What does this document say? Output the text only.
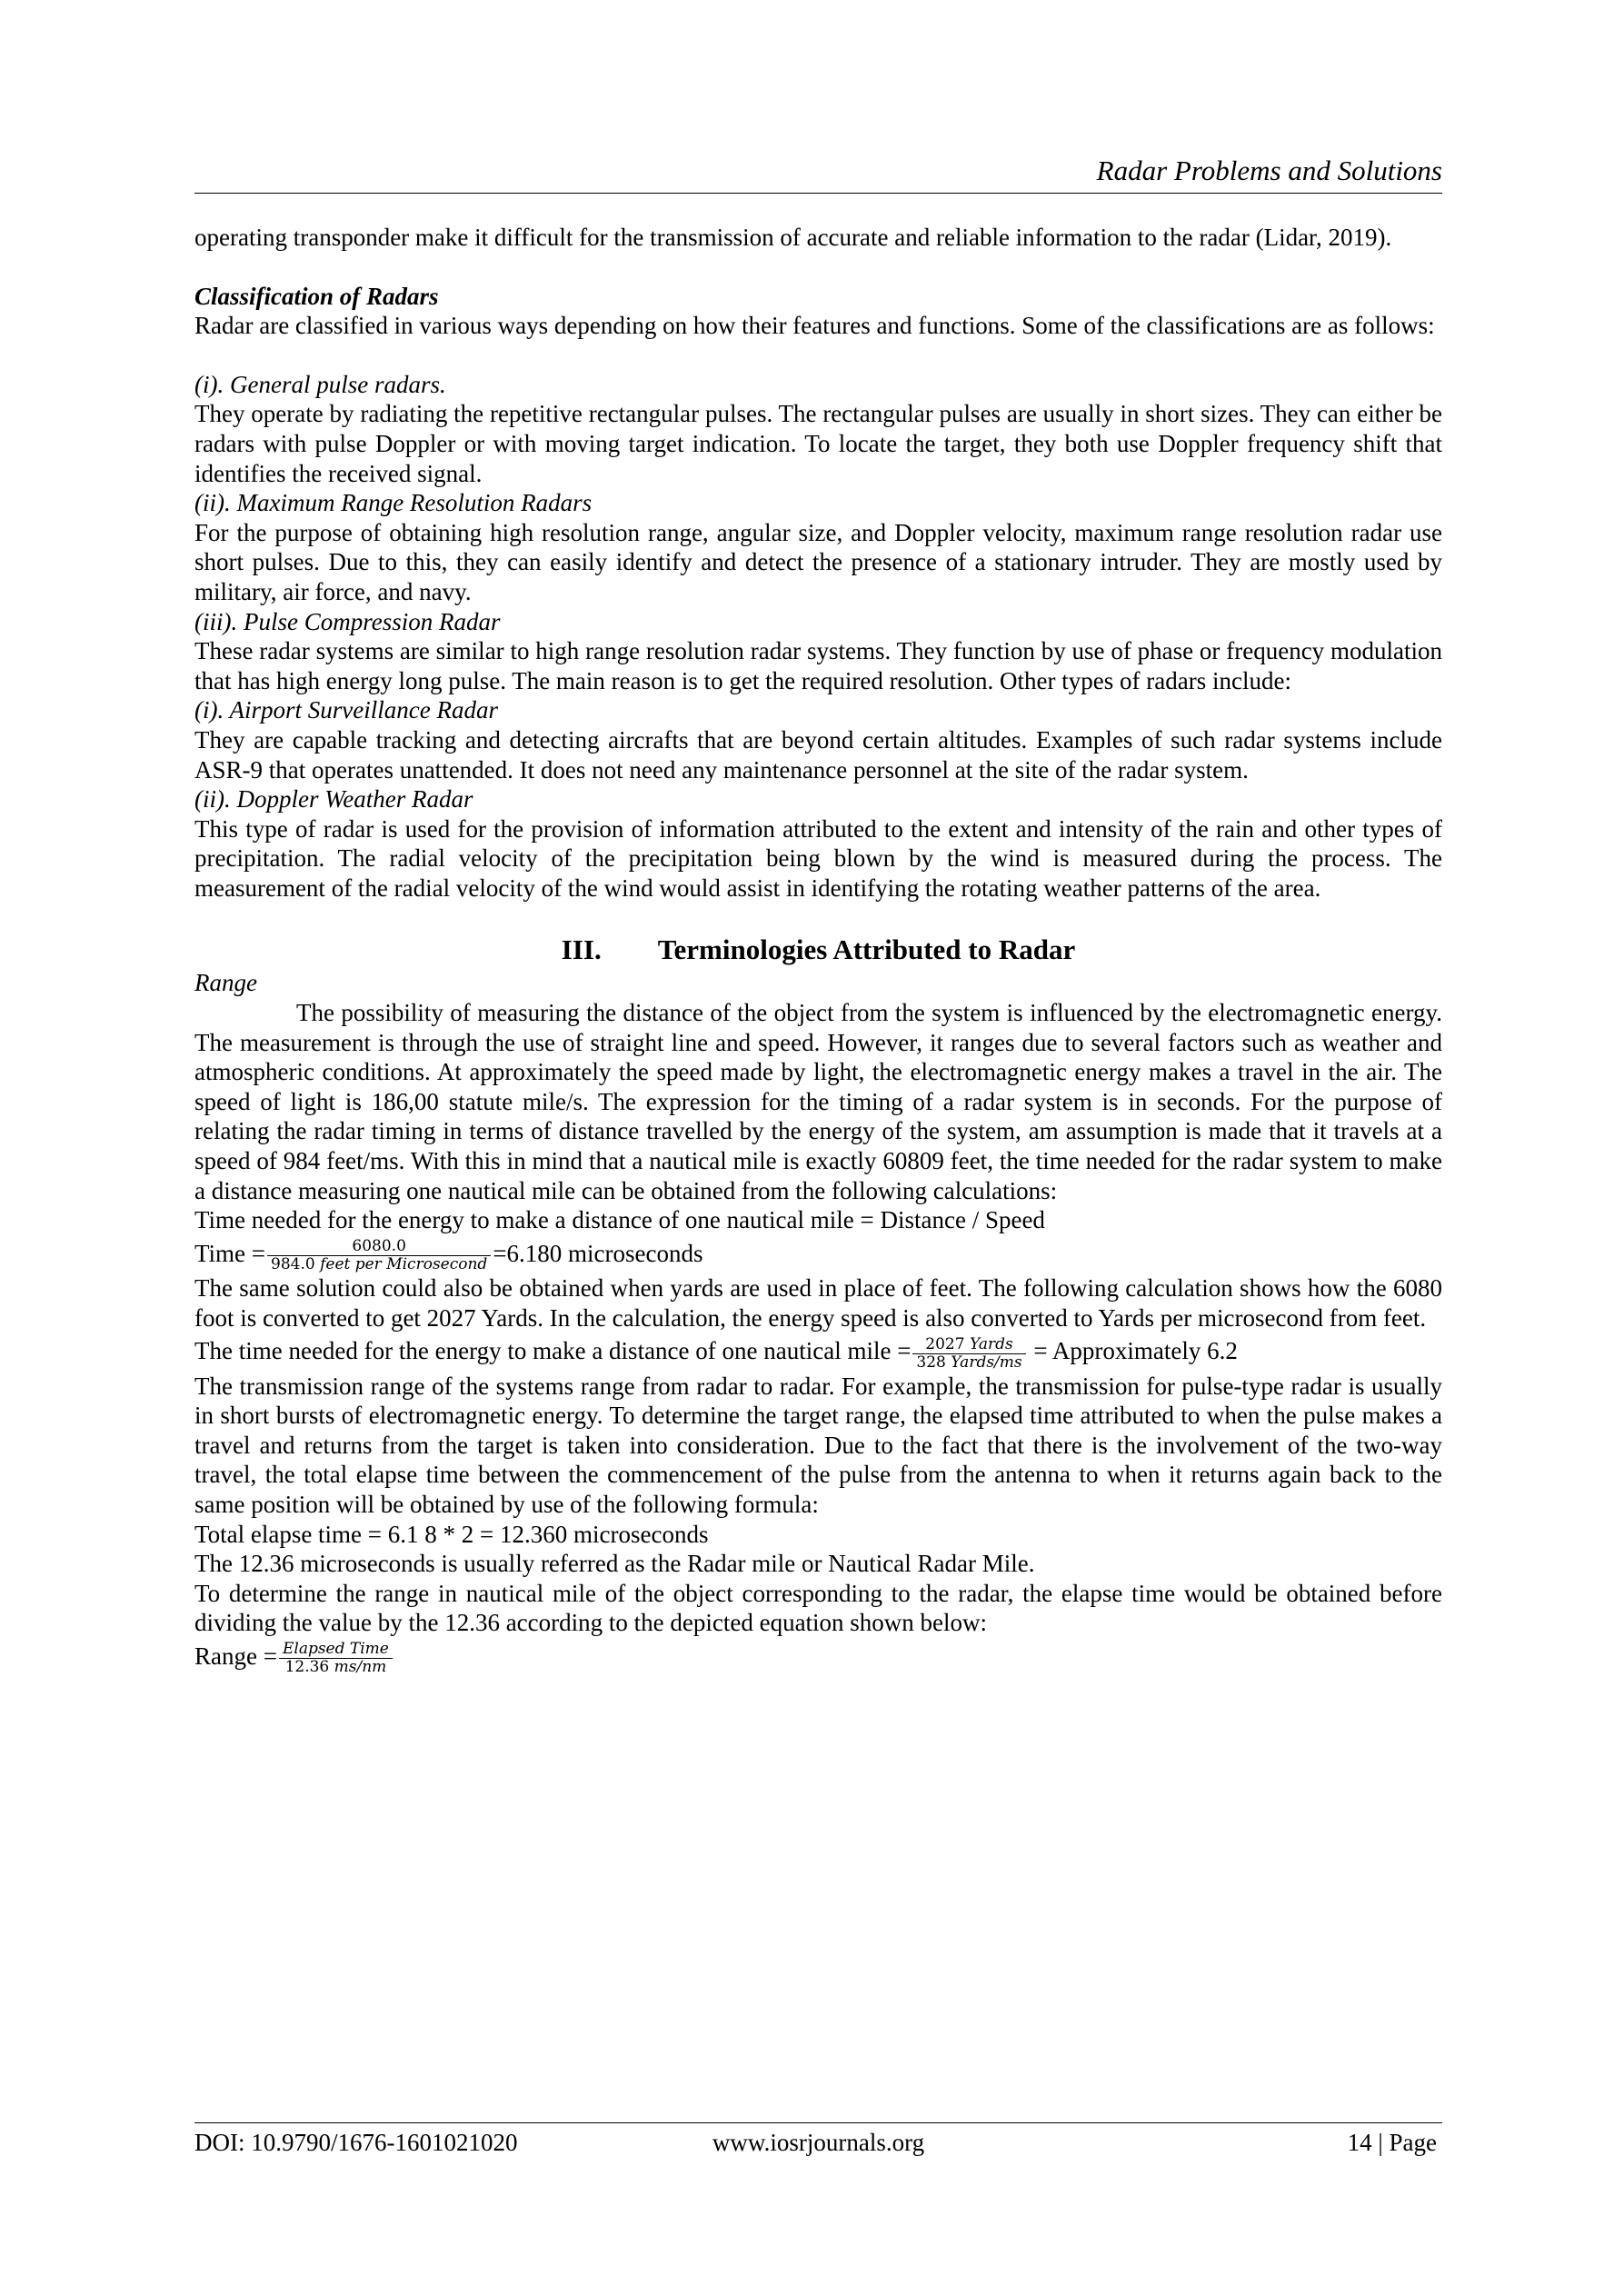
Radar Problems and Solutions

operating transponder make it difficult for the transmission of accurate and reliable information to the radar (Lidar, 2019).

Classification of Radars

Radar are classified in various ways depending on how their features and functions. Some of the classifications are as follows:

(i). General pulse radars.

They operate by radiating the repetitive rectangular pulses. The rectangular pulses are usually in short sizes. They can either be radars with pulse Doppler or with moving target indication. To locate the target, they both use Doppler frequency shift that identifies the received signal.

(ii). Maximum Range Resolution Radars

For the purpose of obtaining high resolution range, angular size, and Doppler velocity, maximum range resolution radar use short pulses. Due to this, they can easily identify and detect the presence of a stationary intruder. They are mostly used by military, air force, and navy.

(iii). Pulse Compression Radar

These radar systems are similar to high range resolution radar systems. They function by use of phase or frequency modulation that has high energy long pulse. The main reason is to get the required resolution. Other types of radars include:

(i). Airport Surveillance Radar

They are capable tracking and detecting aircrafts that are beyond certain altitudes. Examples of such radar systems include ASR-9 that operates unattended. It does not need any maintenance personnel at the site of the radar system.

(ii). Doppler Weather Radar

This type of radar is used for the provision of information attributed to the extent and intensity of the rain and other types of precipitation. The radial velocity of the precipitation being blown by the wind is measured during the process. The measurement of the radial velocity of the wind would assist in identifying the rotating weather patterns of the area.

III. Terminologies Attributed to Radar

Range

The possibility of measuring the distance of the object from the system is influenced by the electromagnetic energy. The measurement is through the use of straight line and speed. However, it ranges due to several factors such as weather and atmospheric conditions. At approximately the speed made by light, the electromagnetic energy makes a travel in the air. The speed of light is 186,00 statute mile/s. The expression for the timing of a radar system is in seconds. For the purpose of relating the radar timing in terms of distance travelled by the energy of the system, am assumption is made that it travels at a speed of 984 feet/ms. With this in mind that a nautical mile is exactly 60809 feet, the time needed for the radar system to make a distance measuring one nautical mile can be obtained from the following calculations:

Time needed for the energy to make a distance of one nautical mile = Distance / Speed

Time = $\frac{6080.0}{\text{984.0 feet per Microsecond}} =6.180$ microseconds

The same solution could also be obtained when yards are used in place of feet. The following calculation shows how the 6080 foot is converted to get 2027 Yards. In the calculation, the energy speed is also converted to Yards per microsecond from feet.

The time needed for the energy to make a distance of one nautical mile = $\frac{\text{2027 Yards}}{\text{328 Yards/ms}}$ = Approximately 6.2

The transmission range of the systems range from radar to radar. For example, the transmission for pulse-type radar is usually in short bursts of electromagnetic energy. To determine the target range, the elapsed time attributed to when the pulse makes a travel and returns from the target is taken into consideration. Due to the fact that there is the involvement of the two-way travel, the total elapse time between the commencement of the pulse from the antenna to when it returns again back to the same position will be obtained by use of the following formula:

Total elapse time = 6.1 8 * 2 = 12.360 microseconds

The 12.36 microseconds is usually referred as the Radar mile or Nautical Radar Mile.

To determine the range in nautical mile of the object corresponding to the radar, the elapse time would be obtained before dividing the value by the 12.36 according to the depicted equation shown below:

Range = $\frac{\text{Elapsed Time}}{12.36 ms/nm}$

DOI: 10.9790/1676-1601021020	www.iosrjournals.org	14 | Page
